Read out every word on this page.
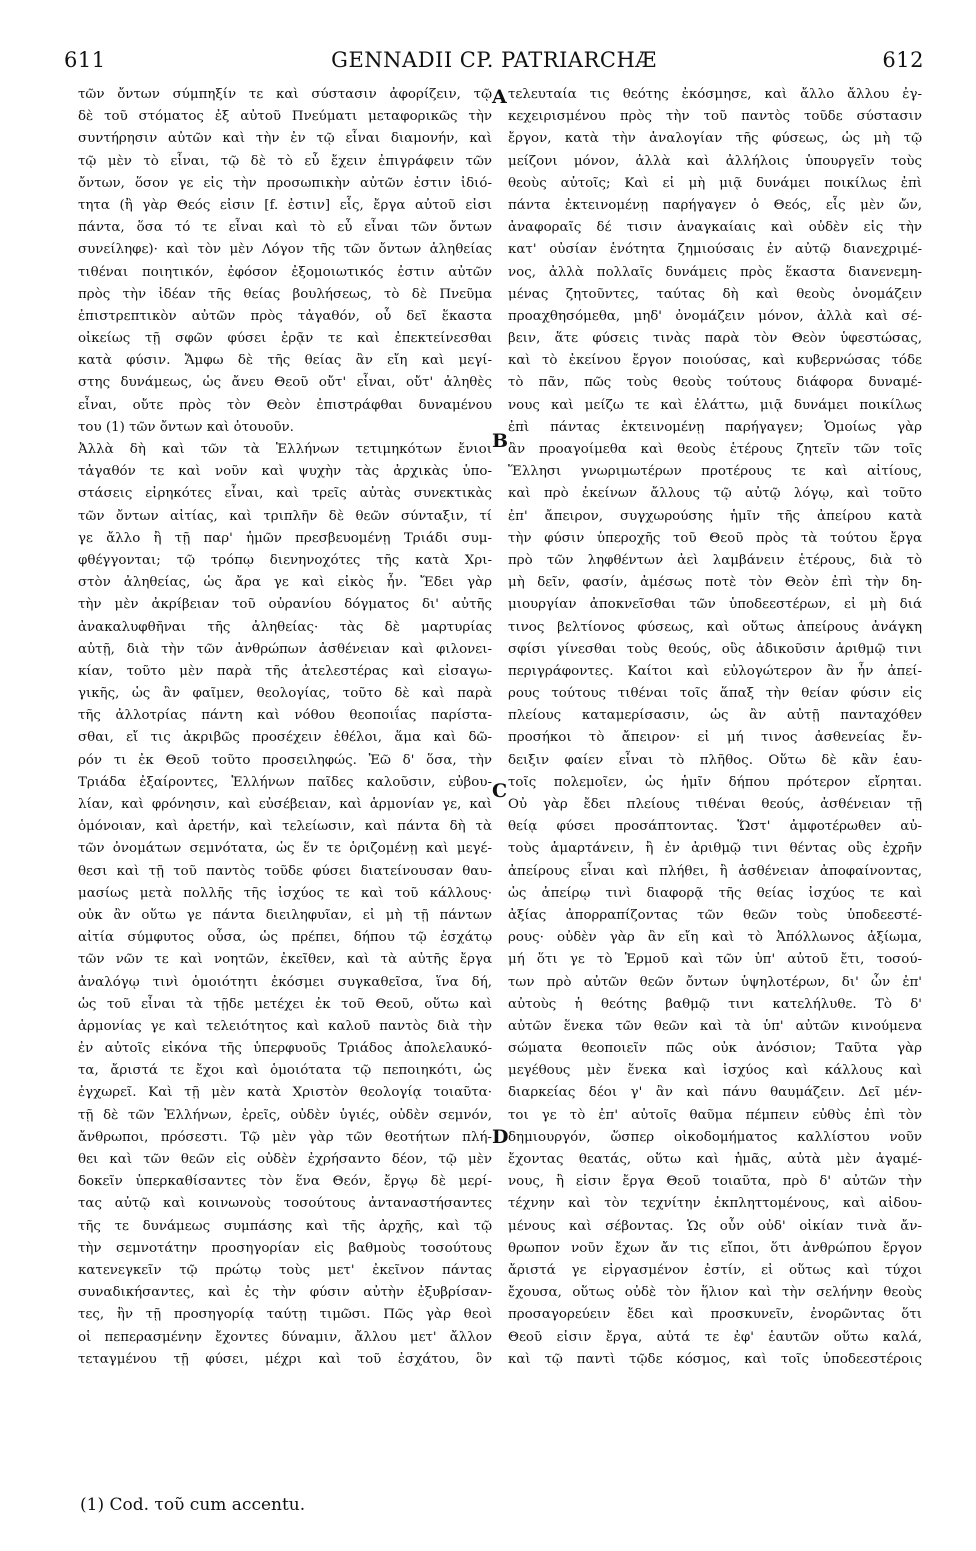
611	GENNADII CP. PATRIARCHÆ	612
τῶν ὄντων σύμπηξίν τε καὶ σύστασιν ἀφορίζειν, τῷ
δὲ τοῦ στόματος ἐξ αὐτοῦ Πνεύματι μεταφορικῶς τὴν
συντήρησιν αὐτῶν καὶ τὴν ἐν τῷ εἶναι διαμονήν, καὶ
τῷ μὲν τὸ εἶναι, τῷ δὲ τὸ εὖ ἔχειν ἐπιγράφειν τῶν
ὄντων, ὅσον γε εἰς τὴν προσωπικὴν αὐτῶν ἐστιν ἰδιό-
τητα (ἢ γὰρ Θεός εἰσιν [f. ἐστιν] εἷς, ἔργα αὐτοῦ εἰσι
πάντα, ὅσα τό τε εἶναι καὶ τὸ εὖ εἶναι τῶν ὄντων
συνείληφε)· καὶ τὸν μὲν Λόγον τῆς τῶν ὄντων ἀληθείας
τιθέναι ποιητικόν, ἐφόσον ἐξομοιωτικός ἐστιν αὐτῶν
πρὸς τὴν ἰδέαν τῆς θείας βουλήσεως, τὸ δὲ Πνεῦμα
ἐπιστρεπτικὸν αὐτῶν πρὸς τἀγαθόν, οὗ δεῖ ἕκαστα
οἰκείως τῇ σφῶν φύσει ἐρᾷν τε καὶ ἐπεκτείνεσθαι
κατὰ φύσιν. Ἄμφω δὲ τῆς θείας ἂν εἴη καὶ μεγί-
στης δυνάμεως, ὡς ἄνευ Θεοῦ οὔτ' εἶναι, οὔτ' ἀληθὲς
εἶναι, οὔτε πρὸς τὸν Θεὸν ἐπιστράφθαι δυναμένου
του (1) τῶν ὄντων καὶ ὁτουοῦν.
Ἀλλὰ δὴ καὶ τῶν τὰ Ἑλλήνων τετιμηκότων ἔνιοι
τἀγαθόν τε καὶ νοῦν καὶ ψυχὴν τὰς ἀρχικὰς ὑπο-
στάσεις εἰρηκότες εἶναι, καὶ τρεῖς αὐτὰς συνεκτικὰς
τῶν ὄντων αἰτίας, καὶ τριπλῆν δὲ θεῶν σύνταξιν, τί
γε ἄλλο ἢ τῇ παρ' ἡμῶν πρεσβευομένῃ Τριάδι συμ-
φθέγγονται; τῷ τρόπῳ διενηνοχότες τῆς κατὰ Χρι-
στὸν ἀληθείας, ὡς ἄρα γε καὶ εἰκὸς ἦν. Ἔδει γὰρ
τὴν μὲν ἀκρίβειαν τοῦ οὐρανίου δόγματος δι' αὐτῆς
ἀνακαλυφθῆναι τῆς ἀληθείας· τὰς δὲ μαρτυρίας
αὐτῇ, διὰ τὴν τῶν ἀνθρώπων ἀσθένειαν καὶ φιλονει-
κίαν, τοῦτο μὲν παρὰ τῆς ἀτελεστέρας καὶ εἰσαγω-
γικῆς, ὡς ἂν φαῖμεν, θεολογίας, τοῦτο δὲ καὶ παρὰ
τῆς ἀλλοτρίας πάντη καὶ νόθου θεοποιΐας παρίστα-
σθαι, εἴ τις ἀκριβῶς προσέχειν ἐθέλοι, ἅμα καὶ δῶ-
ρόν τι ἐκ Θεοῦ τοῦτο προσειληφώς. Ἐῶ δ' ὅσα, τὴν
Τριάδα ἐξαίροντες, Ἑλλήνων παῖδες καλοῦσιν, εὐβου-
λίαν, καὶ φρόνησιν, καὶ εὐσέβειαν, καὶ ἁρμονίαν γε, καὶ
ὁμόνοιαν, καὶ ἀρετήν, καὶ τελείωσιν, καὶ πάντα δὴ τὰ
τῶν ὀνομάτων σεμνότατα, ὡς ἕν τε ὁριζομένῃ καὶ μεγέ-
θεσι καὶ τῇ τοῦ παντὸς τοῦδε φύσει διατείνουσαν θαυ-
μασίως μετὰ πολλῆς τῆς ἰσχύος τε καὶ τοῦ κάλλους·
οὐκ ἂν οὕτω γε πάντα διειληφυῖαν, εἰ μὴ τῇ πάντων
αἰτία σύμφυτος οὖσα, ὡς πρέπει, δήπου τῷ ἐσχάτῳ
τῶν νῶν τε καὶ νοητῶν, ἐκεῖθεν, καὶ τὰ αὐτῆς ἔργα
ἀναλόγῳ τινὶ ὁμοιότητι ἐκόσμει συγκαθεῖσα, ἵνα δή,
ὡς τοῦ εἶναι τὰ τῇδε μετέχει ἐκ τοῦ Θεοῦ, οὕτω καὶ
ἁρμονίας γε καὶ τελειότητος καὶ καλοῦ παντὸς διὰ τὴν
ἐν αὐτοῖς εἰκόνα τῆς ὑπερφυοῦς Τριάδος ἀπολελαυκό-
τα, ἄριστά τε ἔχοι καὶ ὁμοιότατα τῷ πεποιηκότι, ὡς
ἐγχωρεῖ. Καὶ τῇ μὲν κατὰ Χριστὸν θεολογίᾳ τοιαῦτα·
τῇ δὲ τῶν Ἑλλήνων, ἐρεῖς, οὐδὲν ὑγιές, οὐδὲν σεμνόν,
ἄνθρωποι, πρόσεστι. Τῷ μὲν γὰρ τῶν θεοτήτων πλή-
θει καὶ τῶν θεῶν εἰς οὐδὲν ἐχρήσαντο δέον, τῷ μὲν
δοκεῖν ὑπερκαθίσαντες τὸν ἕνα Θεόν, ἔργῳ δὲ μερί-
τας αὐτῷ καὶ κοινωνοὺς τοσούτους ἀνταναστήσαντες
τῆς τε δυνάμεως συμπάσης καὶ τῆς ἀρχῆς, καὶ τῷ
τὴν σεμνοτάτην προσηγορίαν εἰς βαθμοὺς τοσούτους
κατενεγκεῖν τῷ πρώτῳ τοὺς μετ' ἐκεῖνον πάντας
συναδικήσαντες, καὶ ἐς τὴν φύσιν αὐτὴν ἐξυβρίσαν-
τες, ἣν τῇ προσηγορίᾳ ταύτῃ τιμῶσι. Πῶς γὰρ θεοὶ
οἱ πεπερασμένην ἔχοντες δύναμιν, ἄλλου μετ' ἄλλον
τεταγμένου τῇ φύσει, μέχρι καὶ τοῦ ἐσχάτου, ὃν
τελευταία τις θεότης ἐκόσμησε, καὶ ἄλλο ἄλλου ἐγ-
κεχειρισμένου πρὸς τὴν τοῦ παντὸς τοῦδε σύστασιν
ἔργον, κατὰ τὴν ἀναλογίαν τῆς φύσεως, ὡς μὴ τῷ
μείζονι μόνον, ἀλλὰ καὶ ἀλλήλοις ὑπουργεῖν τοὺς
θεοὺς αὐτοῖς; Καὶ εἰ μὴ μιᾷ δυνάμει ποικίλως ἐπὶ
πάντα ἐκτεινομένῃ παρήγαγεν ὁ Θεός, εἷς μὲν ὤν,
ἀναφοραῖς δέ τισιν ἀναγκαίαις καὶ οὐδὲν εἰς τὴν
κατ' οὐσίαν ἑνότητα ζημιούσαις ἐν αὐτῷ διανεχριμέ-
νος, ἀλλὰ πολλαῖς δυνάμεις πρὸς ἕκαστα διανενεμη-
μένας ζητοῦντες, ταύτας δὴ καὶ θεοὺς ὀνομάζειν
προαχθησόμεθα, μηδ' ὀνομάζειν μόνον, ἀλλὰ καὶ σέ-
βειν, ἅτε φύσεις τινὰς παρὰ τὸν Θεὸν ὑφεστώσας,
καὶ τὸ ἐκείνου ἔργον ποιούσας, καὶ κυβερνώσας τόδε
τὸ πᾶν, πῶς τοὺς θεοὺς τούτους διάφορα δυναμέ-
νους καὶ μείζω τε καὶ ἐλάττω, μιᾷ δυνάμει ποικίλως
ἐπὶ πάντας ἐκτεινομένῃ παρήγαγεν; Ὁμοίως γὰρ
ἂν προαγοίμεθα καὶ θεοὺς ἑτέρους ζητεῖν τῶν τοῖς
Ἕλλησι γνωριμωτέρων προτέρους τε καὶ αἰτίους,
καὶ πρὸ ἐκείνων ἄλλους τῷ αὐτῷ λόγῳ, καὶ τοῦτο
ἐπ' ἄπειρον, συγχωρούσης ἡμῖν τῆς ἀπείρου κατὰ
τὴν φύσιν ὑπεροχῆς τοῦ Θεοῦ πρὸς τὰ τούτου ἔργα
πρὸ τῶν ληφθέντων ἀεὶ λαμβάνειν ἑτέρους, διὰ τὸ
μὴ δεῖν, φασίν, ἀμέσως ποτὲ τὸν Θεὸν ἐπὶ τὴν δη-
μιουργίαν ἀποκνεῖσθαι τῶν ὑποδεεστέρων, εἰ μὴ διά
τινος βελτίονος φύσεως, καὶ οὕτως ἀπείρους ἀνάγκη
σφίσι γίνεσθαι τοὺς θεούς, οὓς ἀδικοῦσιν ἀριθμῷ τινι
περιγράφοντες. Καίτοι καὶ εὐλογώτερον ἂν ἦν ἀπεί-
ρους τούτους τιθέναι τοῖς ἅπαξ τὴν θείαν φύσιν εἰς
πλείους καταμερίσασιν, ὡς ἂν αὐτῇ πανταχόθεν
προσήκοι τὸ ἄπειρον· εἰ μή τινος ἀσθενείας ἔν-
δειξιν φαίεν εἶναι τὸ πλῆθος. Οὕτω δὲ κἂν ἑαυ-
τοῖς πολεμοῖεν, ὡς ἡμῖν δήπου πρότερον εἴρηται.
Οὐ γὰρ ἔδει πλείους τιθέναι θεούς, ἀσθένειαν τῇ
θείᾳ φύσει προσάπτοντας. Ὥστ' ἀμφοτέρωθεν αὐ-
τοὺς ἁμαρτάνειν, ἢ ἐν ἀριθμῷ τινι θέντας οὓς ἐχρῆν
ἀπείρους εἶναι καὶ πλήθει, ἢ ἀσθένειαν ἀποφαίνοντας,
ὡς ἀπείρῳ τινὶ διαφορᾷ τῆς θείας ἰσχύος τε καὶ
ἀξίας ἀπορραπίζοντας τῶν θεῶν τοὺς ὑποδεεστέ-
ρους· οὐδὲν γὰρ ἂν εἴη καὶ τὸ Ἀπόλλωνος ἀξίωμα,
μή ὅτι γε τὸ Ἑρμοῦ καὶ τῶν ὑπ' αὐτοῦ ἔτι, τοσού-
των πρὸ αὐτῶν θεῶν ὄντων ὑψηλοτέρων, δι' ὧν ἐπ'
αὐτοὺς ἡ θεότης βαθμῷ τινι κατελήλυθε. Τὸ δ'
αὐτῶν ἕνεκα τῶν θεῶν καὶ τὰ ὑπ' αὐτῶν κινούμενα
σώματα θεοποιεῖν πῶς οὐκ ἀνόσιον; Ταῦτα γὰρ
μεγέθους μὲν ἕνεκα καὶ ἰσχύος καὶ κάλλους καὶ
διαρκείας δέοι γ' ἂν καὶ πάνυ θαυμάζειν. Δεῖ μέν-
τοι γε τὸ ἐπ' αὐτοῖς θαῦμα πέμπειν εὐθὺς ἐπὶ τὸν
δημιουργόν, ὥσπερ οἰκοδομήματος καλλίστου νοῦν
ἔχοντας θεατάς, οὕτω καὶ ἡμᾶς, αὐτὰ μὲν ἀγαμέ-
νους, ἢ εἰσιν ἔργα Θεοῦ τοιαῦτα, πρὸ δ' αὐτῶν τὴν
τέχνην καὶ τὸν τεχνίτην ἐκπληττομένους, καὶ αἰδου-
μένους καὶ σέβοντας. Ὡς οὖν οὐδ' οἰκίαν τινὰ ἄν-
θρωπον νοῦν ἔχων ἄν τις εἴποι, ὅτι ἀνθρώπου ἔργον
ἄριστά γε εἰργασμένον ἐστίν, εἰ οὕτως καὶ τύχοι
ἔχουσα, οὕτως οὐδὲ τὸν ἥλιον καὶ τὴν σελήνην θεοὺς
προσαγορεύειν ἔδει καὶ προσκυνεῖν, ἐνορῶντας ὅτι
Θεοῦ εἰσιν ἔργα, αὐτά τε ἐφ' ἑαυτῶν οὕτω καλά,
καὶ τῷ παντὶ τῷδε κόσμος, καὶ τοῖς ὑποδεεστέροις
A
B
C
D
(1) Cod. τοῦ cum accentu.
